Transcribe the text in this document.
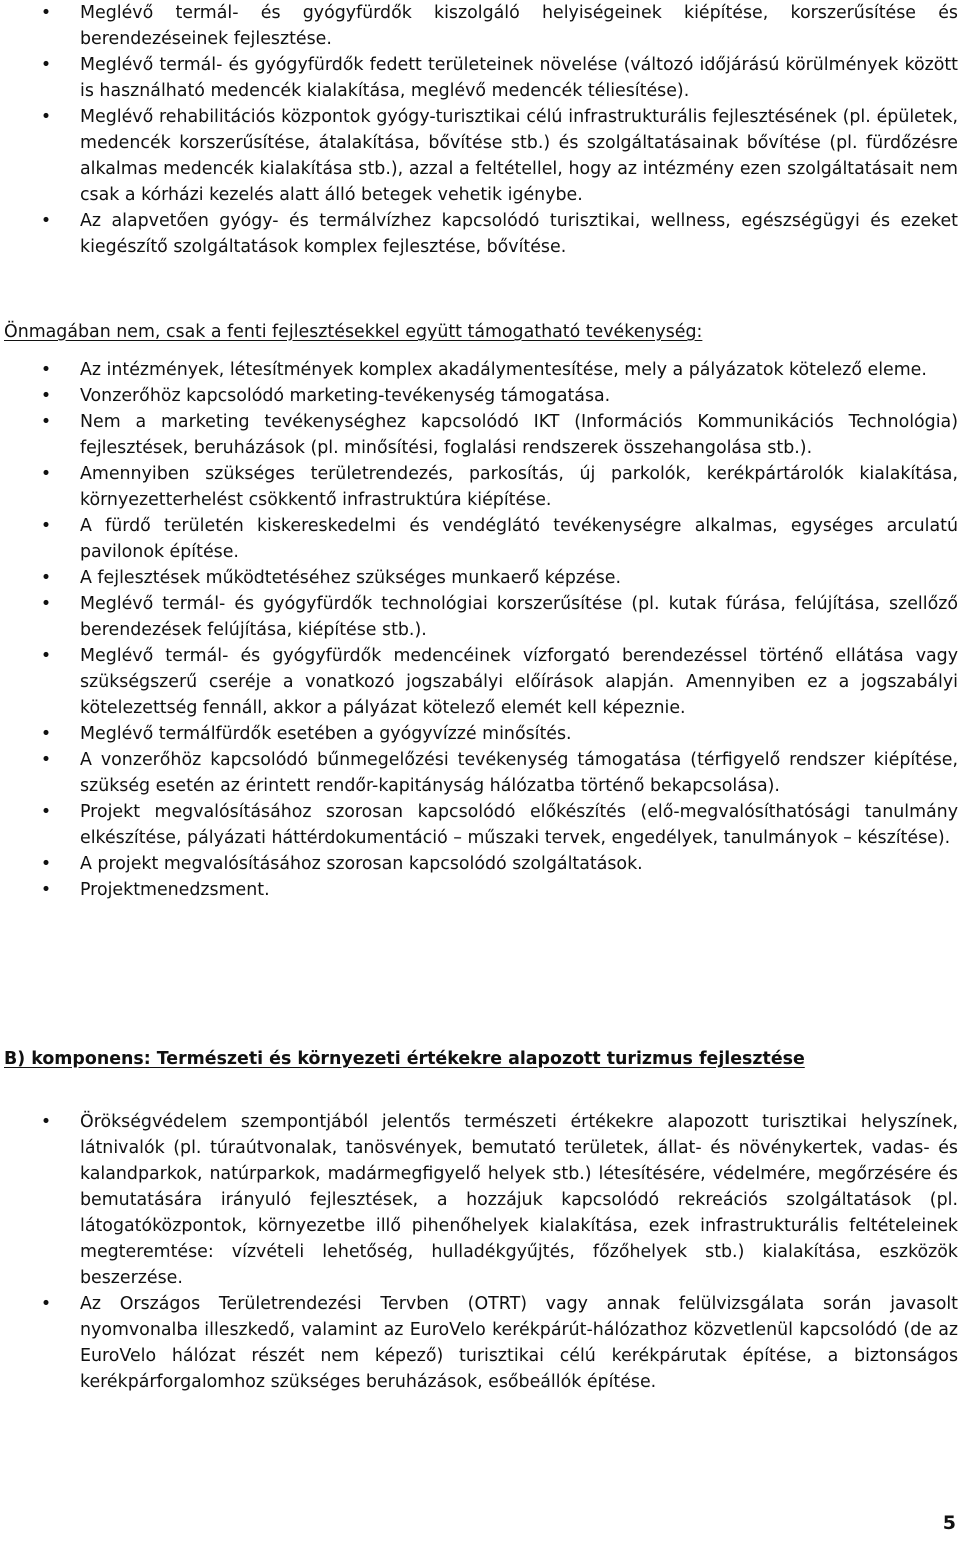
•
Meglévő termál- és gyógyfürdők kiszolgáló helyiségeinek kiépítése, korszerűsítése és berendezéseinek fejlesztése.
•
Meglévő termál- és gyógyfürdők fedett területeinek növelése (változó időjárású körülmények között is használható medencék kialakítása, meglévő medencék téliesítése).
•
Meglévő rehabilitációs központok gyógy-turisztikai célú infrastrukturális fejlesztésének (pl. épületek, medencék korszerűsítése, átalakítása, bővítése stb.) és szolgáltatásainak bővítése (pl. fürdőzésre alkalmas medencék kialakítása stb.), azzal a feltétellel, hogy az intézmény ezen szolgáltatásait nem csak a kórházi kezelés alatt álló betegek vehetik igénybe.
•
Az alapvetően gyógy- és termálvízhez kapcsolódó turisztikai, wellness, egészségügyi és ezeket kiegészítő szolgáltatások komplex fejlesztése, bővítése.
Önmagában nem, csak a fenti fejlesztésekkel együtt támogatható tevékenység:
•
Az intézmények, létesítmények komplex akadálymentesítése, mely a pályázatok kötelező eleme.
•
Vonzerőhöz kapcsolódó marketing-tevékenység támogatása.
•
Nem a marketing tevékenységhez kapcsolódó IKT (Információs Kommunikációs Technológia) fejlesztések, beruházások (pl. minősítési, foglalási rendszerek összehangolása stb.).
•
Amennyiben szükséges területrendezés, parkosítás, új parkolók, kerékpártárolók kialakítása, környezetterhelést csökkentő infrastruktúra kiépítése.
•
A fürdő területén kiskereskedelmi és vendéglátó tevékenységre alkalmas, egységes arculatú pavilonok építése.
•
A fejlesztések működtetéséhez szükséges munkaerő képzése.
•
Meglévő termál- és gyógyfürdők technológiai korszerűsítése (pl. kutak fúrása, felújítása, szellőző berendezések felújítása, kiépítése stb.).
•
Meglévő termál- és gyógyfürdők medencéinek vízforgató berendezéssel történő ellátása vagy szükségszerű cseréje a vonatkozó jogszabályi előírások alapján. Amennyiben ez a jogszabályi kötelezettség fennáll, akkor a pályázat kötelező elemét kell képeznie.
•
Meglévő termálfürdők esetében a gyógyvízzé minősítés.
•
A vonzerőhöz kapcsolódó bűnmegelőzési tevékenység támogatása (térfigyelő rendszer kiépítése, szükség esetén az érintett rendőr-kapitányság hálózatba történő bekapcsolása).
•
Projekt megvalósításához szorosan kapcsolódó előkészítés (elő-megvalósíthatósági tanulmány elkészítése, pályázati háttérdokumentáció – műszaki tervek, engedélyek, tanulmányok – készítése).
•
A projekt megvalósításához szorosan kapcsolódó szolgáltatások.
•
Projektmenedzsment.
B) komponens: Természeti és környezeti értékekre alapozott turizmus fejlesztése
•
Örökségvédelem szempontjából jelentős természeti értékekre alapozott turisztikai helyszínek, látnivalók (pl. túraútvonalak, tanösvények, bemutató területek, állat- és növénykertek, vadas- és kalandparkok, natúrparkok, madármegfigyelő helyek stb.) létesítésére, védelmére, megőrzésére és bemutatására irányuló fejlesztések, a hozzájuk kapcsolódó rekreációs szolgáltatások (pl. látogatóközpontok, környezetbe illő pihenőhelyek kialakítása, ezek infrastrukturális feltételeinek megteremtése: vízvételi lehetőség, hulladékgyűjtés, főzőhelyek stb.) kialakítása, eszközök beszerzése.
•
Az Országos Területrendezési Tervben (OTRT) vagy annak felülvizsgálata során javasolt nyomvonalba illeszkedő, valamint az EuroVelo kerékpárút-hálózathoz közvetlenül kapcsolódó (de az EuroVelo hálózat részét nem képező) turisztikai célú kerékpárutak építése, a biztonságos kerékpárforgalomhoz szükséges beruházások, esőbeállók építése.
5
